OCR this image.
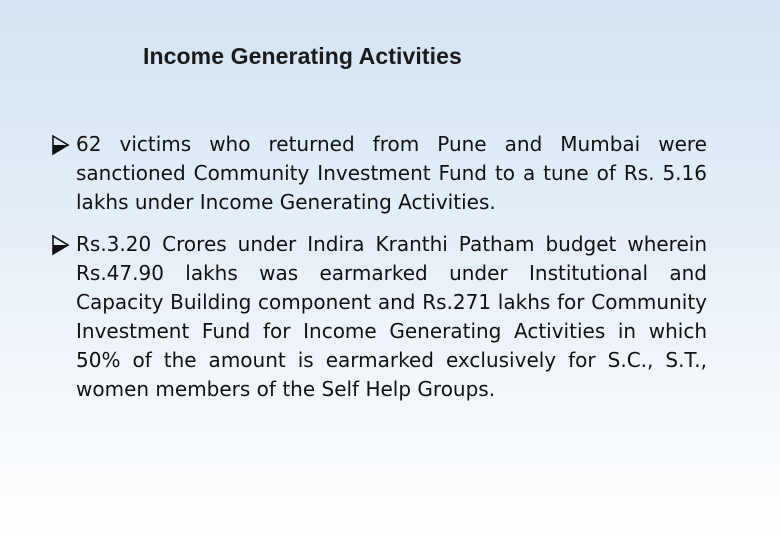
Income Generating Activities
62 victims who returned from Pune and Mumbai were sanctioned Community Investment Fund to a tune of Rs. 5.16 lakhs under Income Generating Activities.
Rs.3.20 Crores under Indira Kranthi Patham budget wherein Rs.47.90 lakhs was earmarked under Institutional and Capacity Building component and Rs.271 lakhs for Community Investment Fund for Income Generating Activities in which 50% of the amount is earmarked exclusively for S.C., S.T., women members of the Self Help Groups.
